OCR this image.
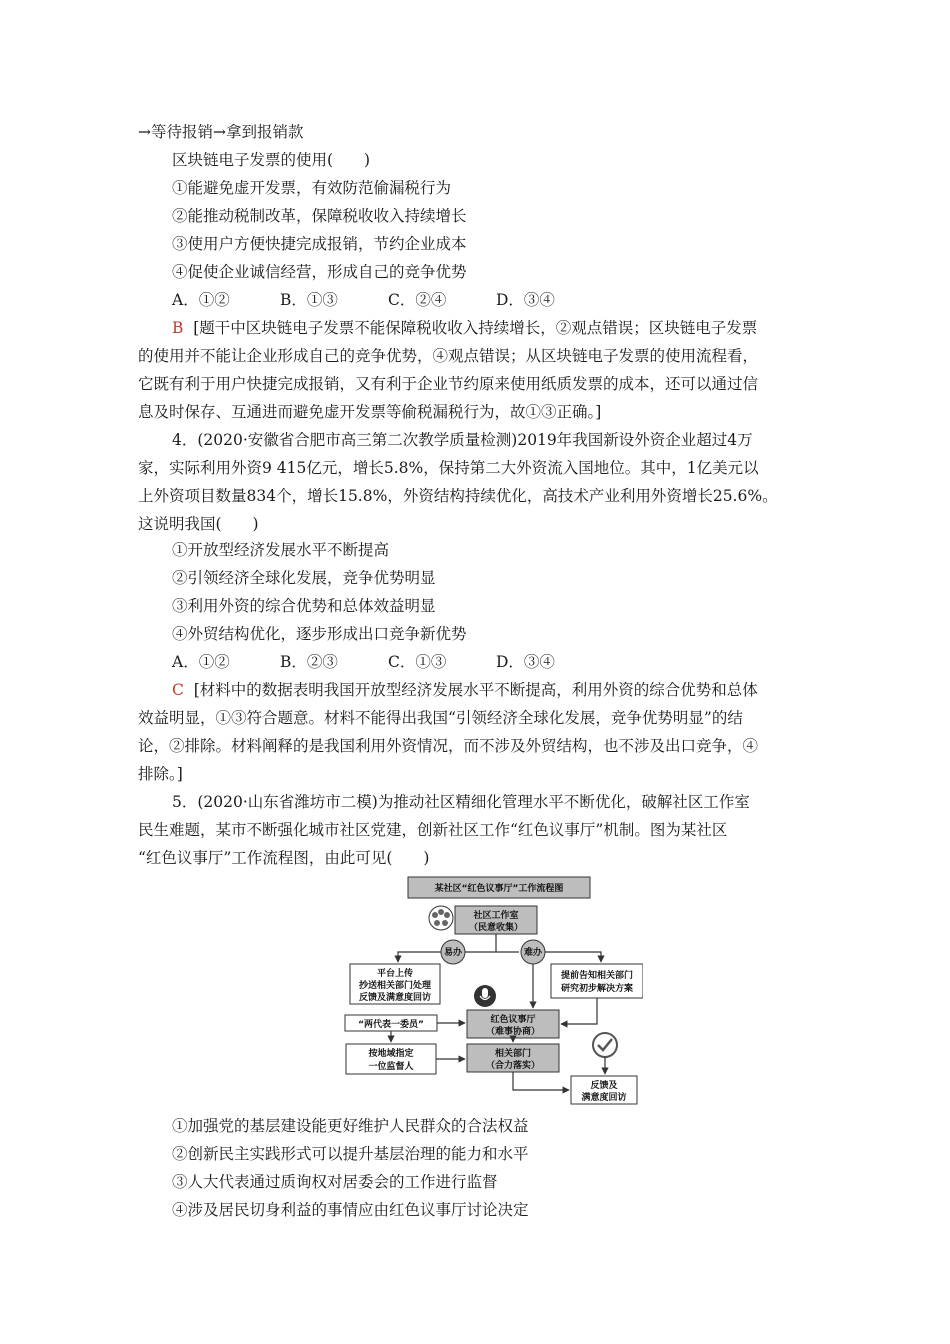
→等待报销→拿到报销款
区块链电子发票的使用(　　)
①能避免虚开发票，有效防范偷漏税行为
②能推动税制改革，保障税收收入持续增长
③使用户方便快捷完成报销，节约企业成本
④促使企业诚信经营，形成自己的竞争优势
A．①②	B．①③	C．②④	D．③④
B [题干中区块链电子发票不能保障税收收入持续增长，②观点错误；区块链电子发票
的使用并不能让企业形成自己的竞争优势，④观点错误；从区块链电子发票的使用流程看，
它既有利于用户快捷完成报销，又有利于企业节约原来使用纸质发票的成本，还可以通过信
息及时保存、互通进而避免虚开发票等偷税漏税行为，故①③正确。]
4．(2020·安徽省合肥市高三第二次教学质量检测)2019年我国新设外资企业超过4万
家，实际利用外资9 415亿元，增长5.8%，保持第二大外资流入国地位。其中，1亿美元以
上外资项目数量834个，增长15.8%，外资结构持续优化，高技术产业利用外资增长25.6%。
这说明我国(　　)
①开放型经济发展水平不断提高
②引领经济全球化发展，竞争优势明显
③利用外资的综合优势和总体效益明显
④外贸结构优化，逐步形成出口竞争新优势
A．①②	B．②③	C．①③	D．③④
C [材料中的数据表明我国开放型经济发展水平不断提高，利用外资的综合优势和总体
效益明显，①③符合题意。材料不能得出我国“引领经济全球化发展，竞争优势明显”的结
论，②排除。材料阐释的是我国利用外资情况，而不涉及外贸结构，也不涉及出口竞争，④
排除。]
5．(2020·山东省潍坊市二模)为推动社区精细化管理水平不断优化，破解社区工作室
民生难题，某市不断强化城市社区党建，创新社区工作“红色议事厅”机制。图为某社区
“红色议事厅”工作流程图，由此可见(　　)
某社区“红色议事厅”工作流程图
社区工作室
（民意收集）
易办	难办
平台上传
抄送相关部门处理
反馈及满意度回访
提前告知相关部门
研究初步解决方案
红色议事厅
（难事协商）
“两代表一委员”
按地域指定
一位监督人
相关部门
（合力落实）
反馈及
满意度回访
①加强党的基层建设能更好维护人民群众的合法权益
②创新民主实践形式可以提升基层治理的能力和水平
③人大代表通过质询权对居委会的工作进行监督
④涉及居民切身利益的事情应由红色议事厅讨论决定
